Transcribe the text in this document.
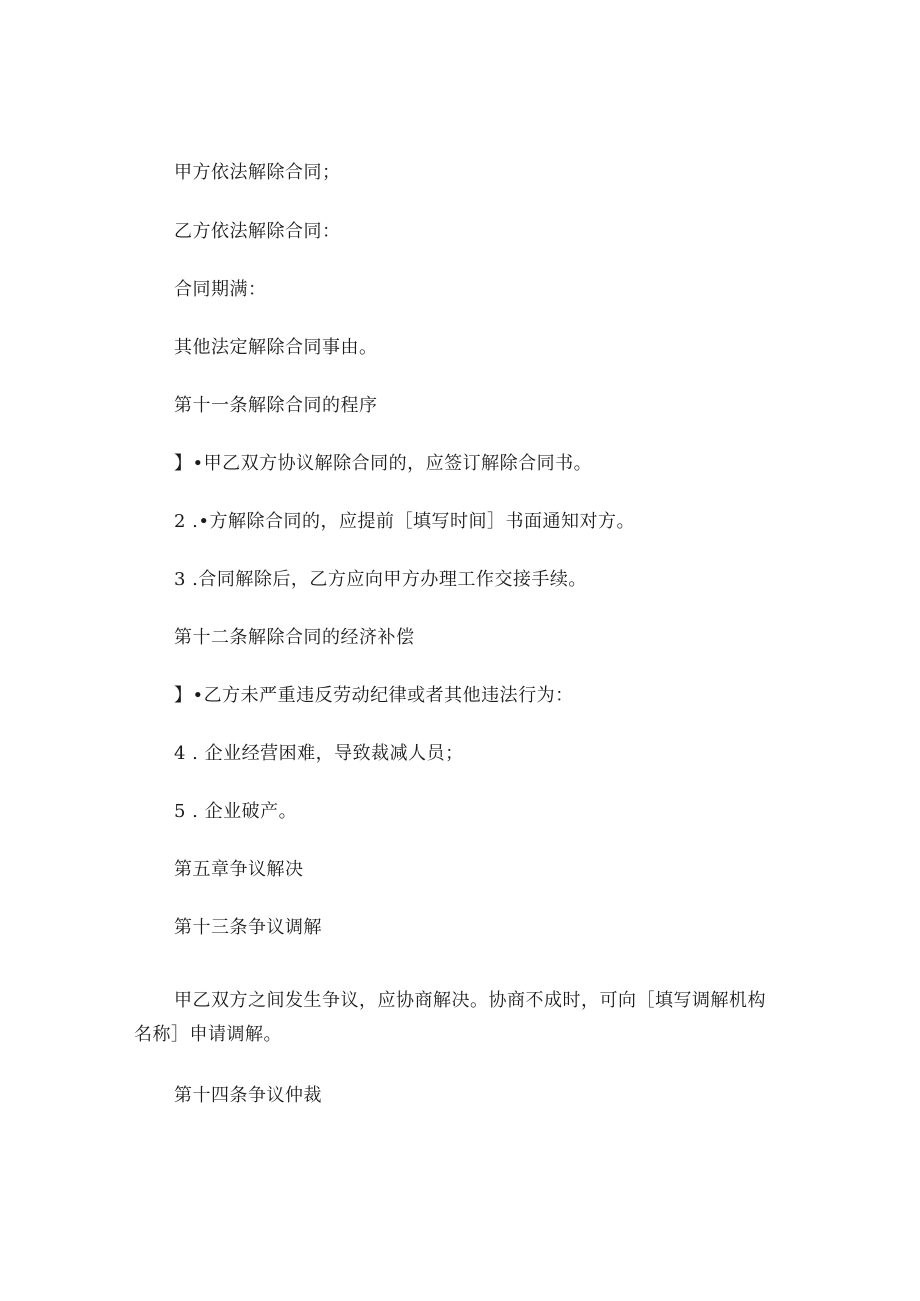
甲方依法解除合同；
乙方依法解除合同：
合同期满：
其他法定解除合同事由。
第十一条解除合同的程序
】•甲乙双方协议解除合同的，应签订解除合同书。
2 .•方解除合同的，应提前［填写时间］书面通知对方。
3 .合同解除后，乙方应向甲方办理工作交接手续。
第十二条解除合同的经济补偿
】•乙方未严重违反劳动纪律或者其他违法行为：
4 . 企业经营困难，导致裁减人员；
5 . 企业破产。
第五章争议解决
第十三条争议调解
甲乙双方之间发生争议，应协商解决。协商不成时，可向［填写调解机构名称］申请调解。
第十四条争议仲裁
